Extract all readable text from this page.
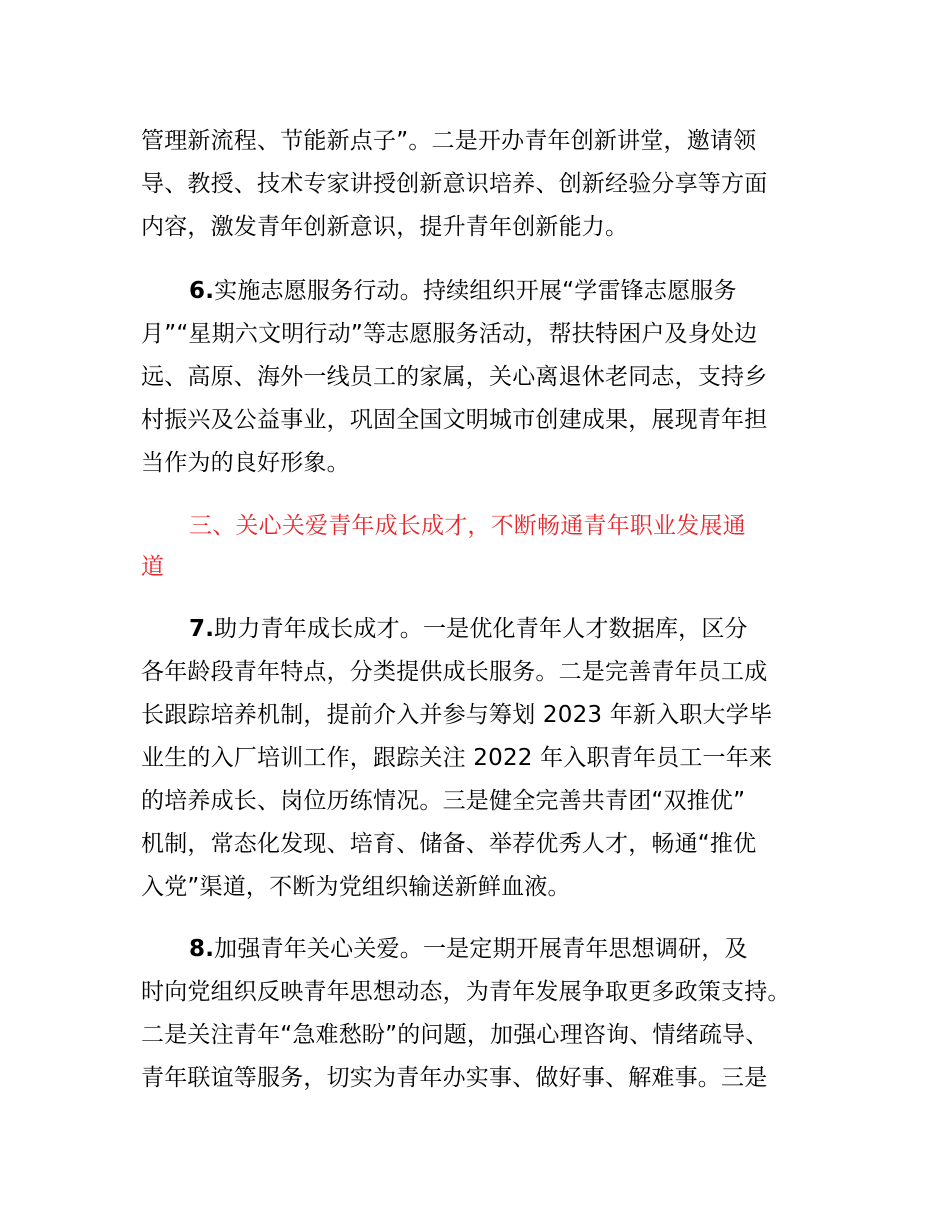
管理新流程、节能新点子”。二是开办青年创新讲堂，邀请领
导、教授、技术专家讲授创新意识培养、创新经验分享等方面
内容，激发青年创新意识，提升青年创新能力。
6.实施志愿服务行动。持续组织开展“学雷锋志愿服务
月”“星期六文明行动”等志愿服务活动，帮扶特困户及身处边
远、高原、海外一线员工的家属，关心离退休老同志，支持乡
村振兴及公益事业，巩固全国文明城市创建成果，展现青年担
当作为的良好形象。
三、关心关爱青年成长成才，不断畅通青年职业发展通
道
7.助力青年成长成才。一是优化青年人才数据库，区分
各年龄段青年特点，分类提供成长服务。二是完善青年员工成
长跟踪培养机制，提前介入并参与筹划 2023 年新入职大学毕
业生的入厂培训工作，跟踪关注 2022 年入职青年员工一年来
的培养成长、岗位历练情况。三是健全完善共青团“双推优”
机制，常态化发现、培育、储备、举荐优秀人才，畅通“推优
入党”渠道，不断为党组织输送新鲜血液。
8.加强青年关心关爱。一是定期开展青年思想调研，及
时向党组织反映青年思想动态，为青年发展争取更多政策支持。
二是关注青年“急难愁盼”的问题，加强心理咨询、情绪疏导、
青年联谊等服务，切实为青年办实事、做好事、解难事。三是
